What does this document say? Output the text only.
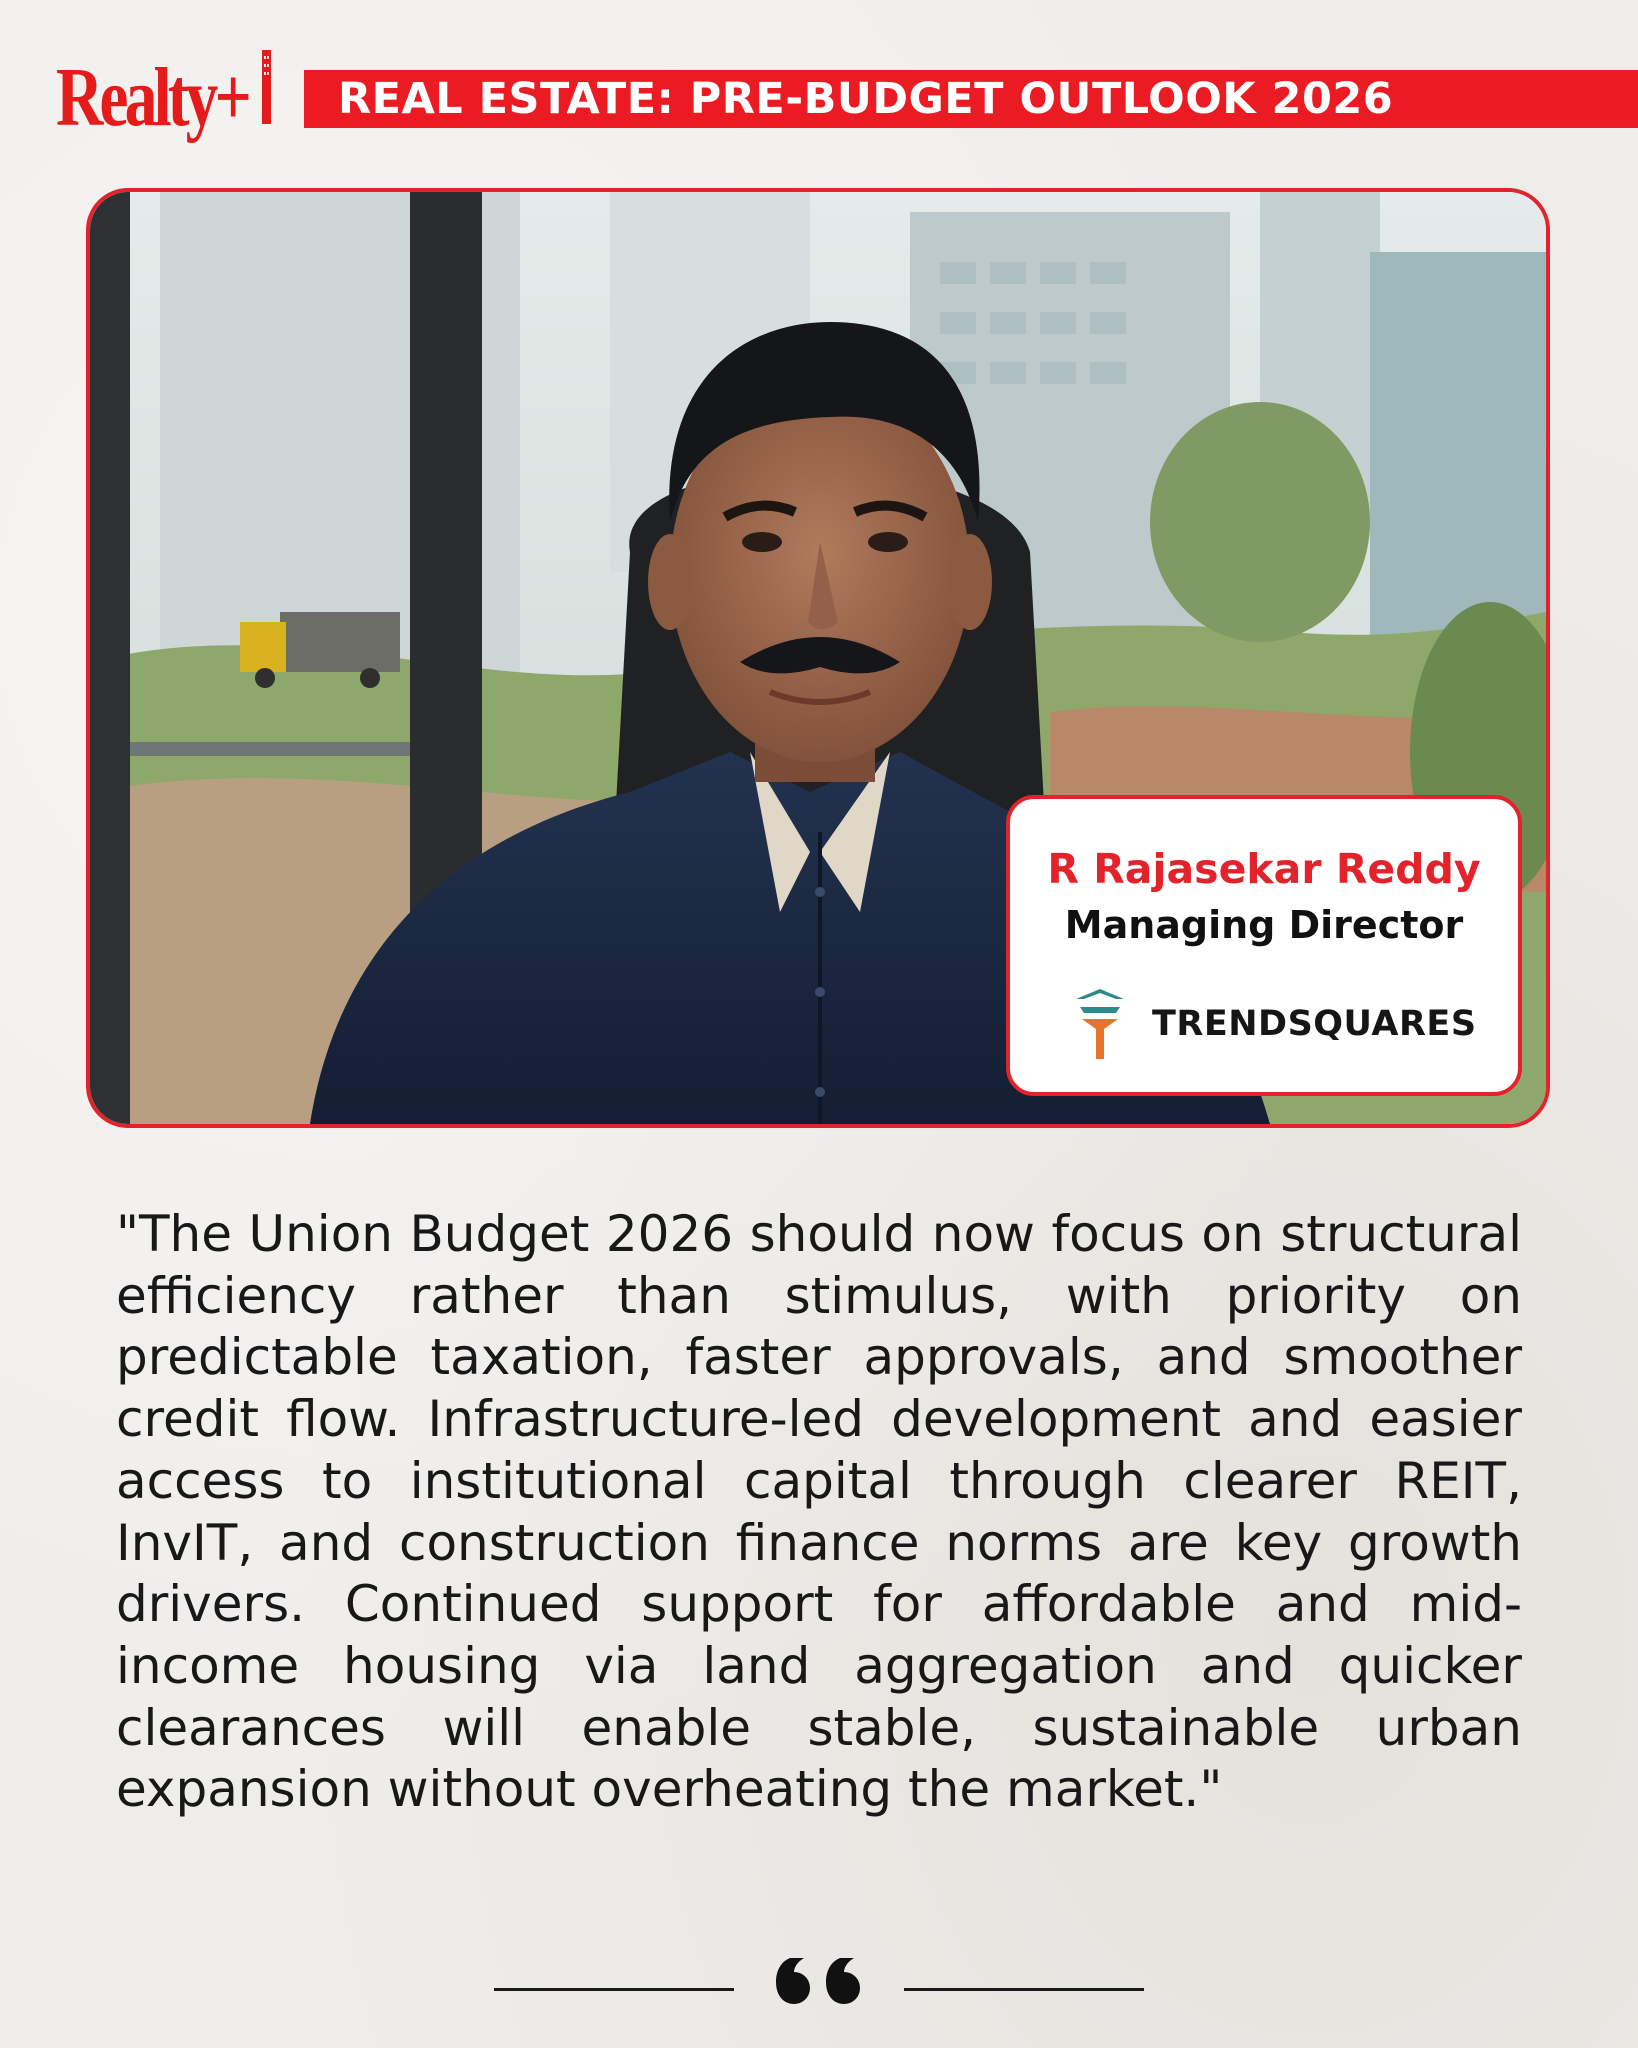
Realty+ REAL ESTATE: PRE-BUDGET OUTLOOK 2026
R Rajasekar Reddy
Managing Director
TRENDSQUARES
"The Union Budget 2026 should now focus on structural efficiency rather than stimulus, with priority on predictable taxation, faster approvals, and smoother credit flow. Infrastructure-led development and easier access to institutional capital through clearer REIT, InvIT, and construction finance norms are key growth drivers. Continued support for affordable and mid-income housing via land aggregation and quicker clearances will enable stable, sustainable urban expansion without overheating the market."
